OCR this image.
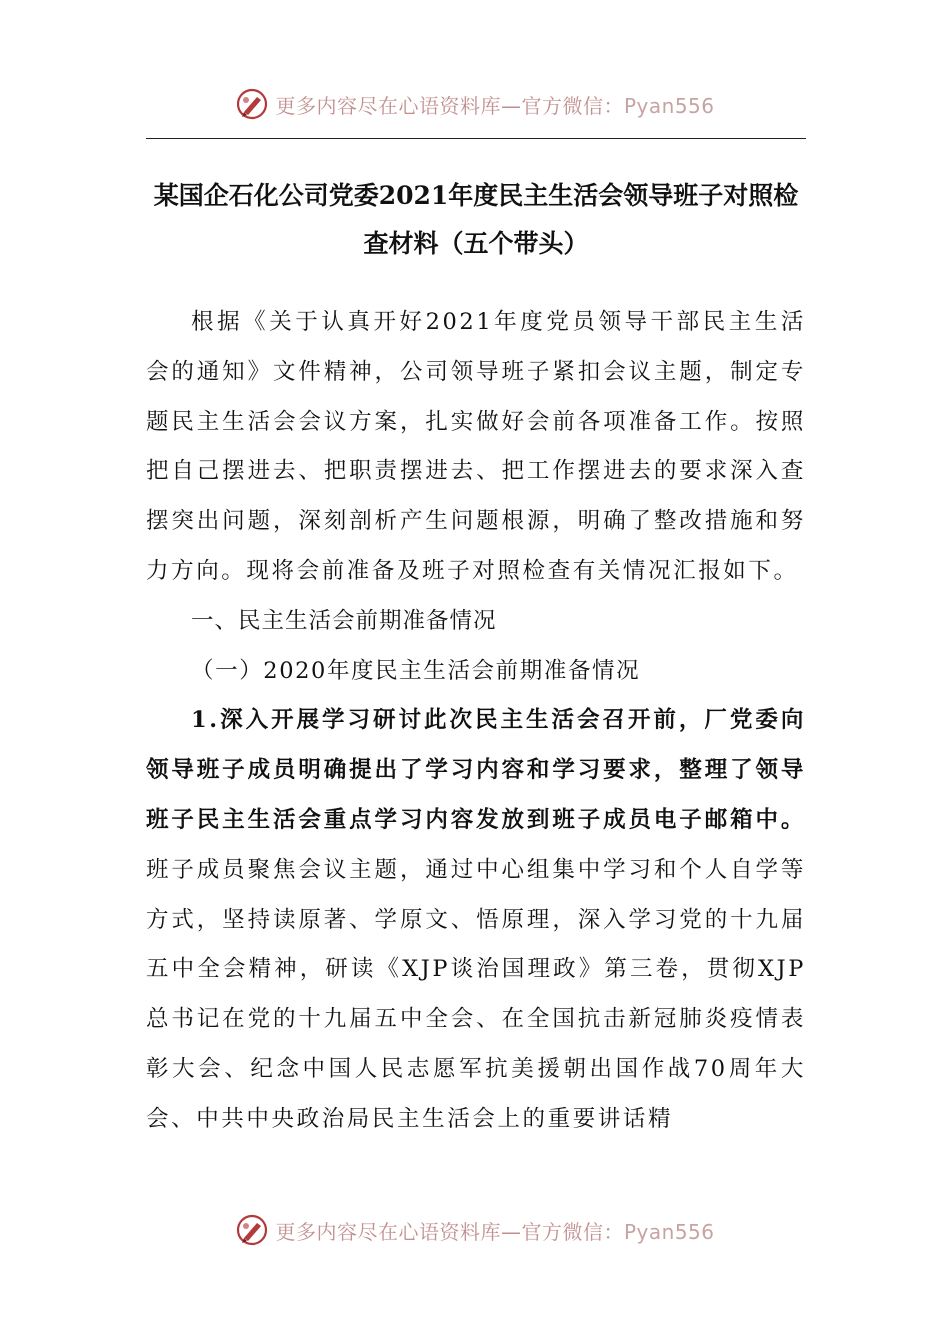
更多内容尽在心语资料库—官方微信：Pyan556
某国企石化公司党委2021年度民主生活会领导班子对照检查材料（五个带头）

根据《关于认真开好2021年度党员领导干部民主生活会的通知》文件精神，公司领导班子紧扣会议主题，制定专题民主生活会会议方案，扎实做好会前各项准备工作。按照把自己摆进去、把职责摆进去、把工作摆进去的要求深入查摆突出问题，深刻剖析产生问题根源，明确了整改措施和努力方向。现将会前准备及班子对照检查有关情况汇报如下。

一、民主生活会前期准备情况

（一）2020年度民主生活会前期准备情况

1.深入开展学习研讨此次民主生活会召开前，厂党委向领导班子成员明确提出了学习内容和学习要求，整理了领导班子民主生活会重点学习内容发放到班子成员电子邮箱中。班子成员聚焦会议主题，通过中心组集中学习和个人自学等方式，坚持读原著、学原文、悟原理，深入学习党的十九届五中全会精神，研读《XJP谈治国理政》第三卷，贯彻XJP总书记在党的十九届五中全会、在全国抗击新冠肺炎疫情表彰大会、纪念中国人民志愿军抗美援朝出国作战70周年大会、中共中央政治局民主生活会上的重要讲话精

更多内容尽在心语资料库—官方微信：Pyan556
